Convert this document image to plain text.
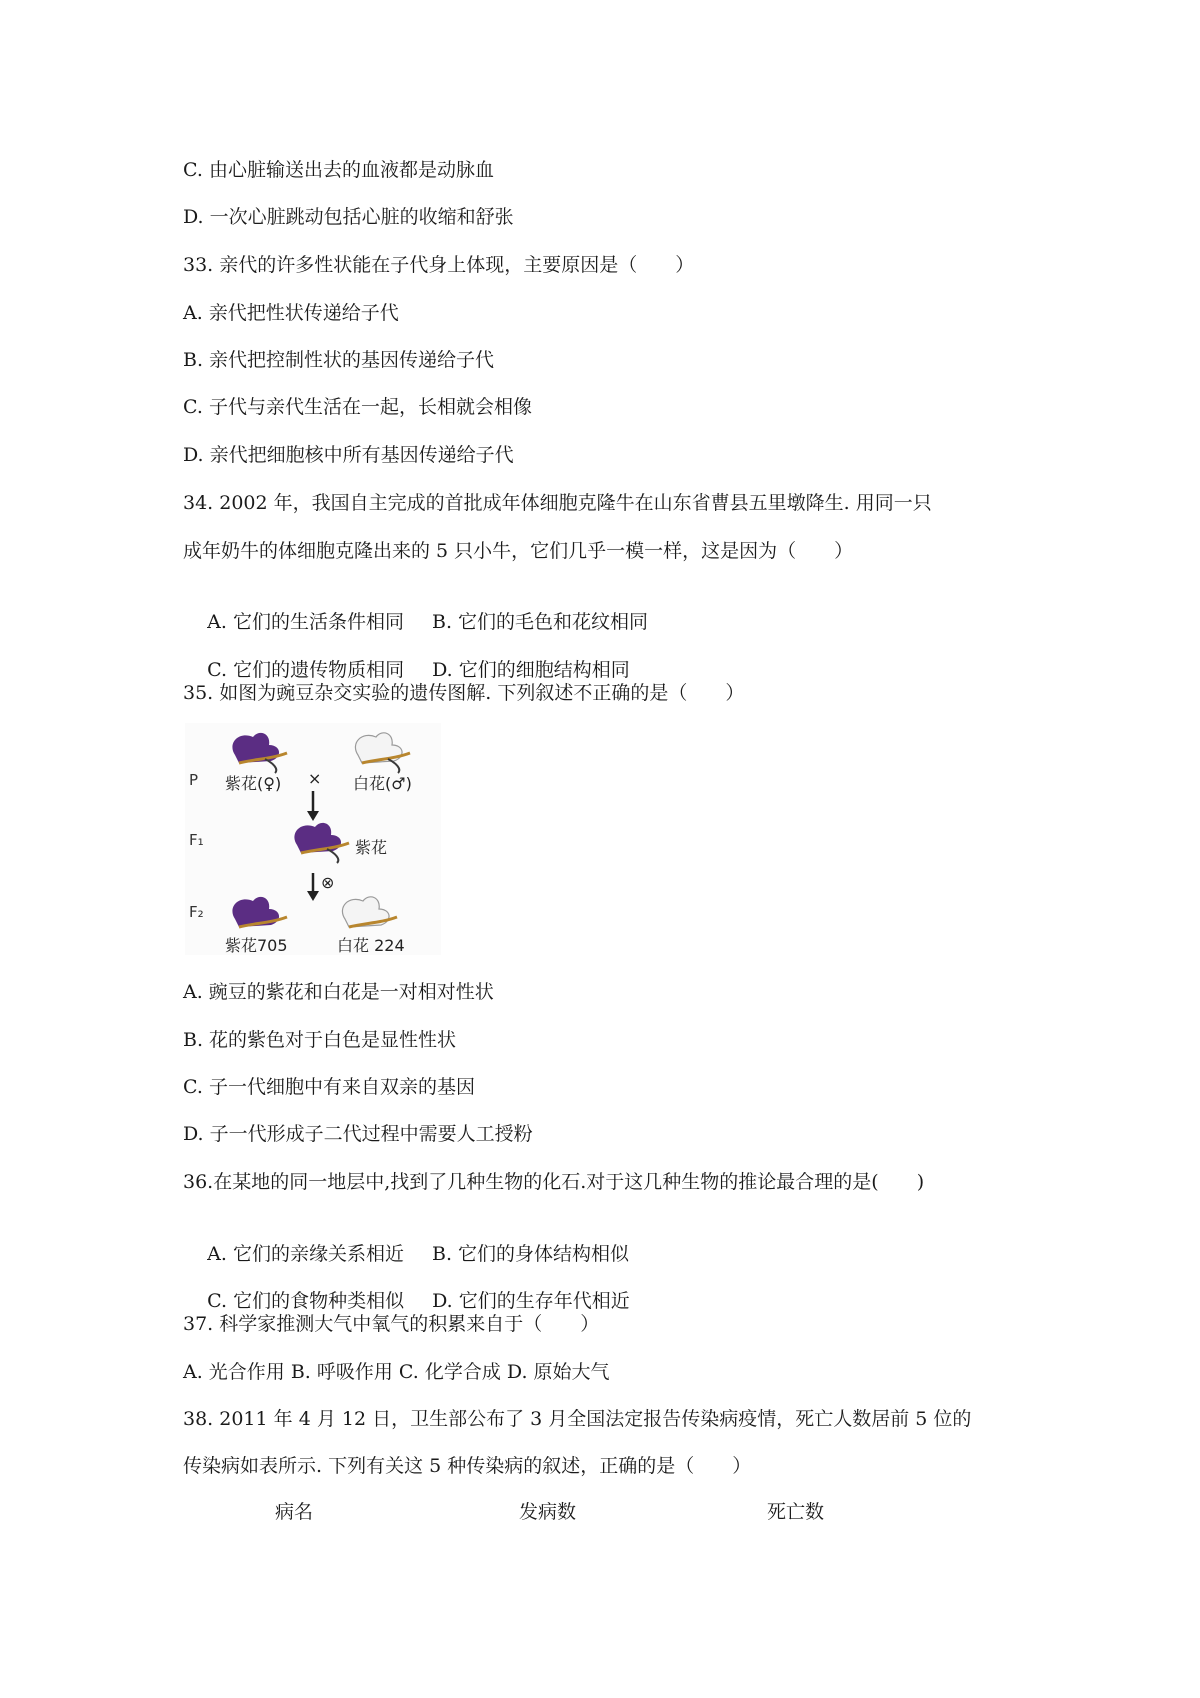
C. 由心脏输送出去的血液都是动脉血
D. 一次心脏跳动包括心脏的收缩和舒张
33. 亲代的许多性状能在子代身上体现，主要原因是（　　）
A. 亲代把性状传递给子代
B. 亲代把控制性状的基因传递给子代
C. 子代与亲代生活在一起，长相就会相像
D. 亲代把细胞核中所有基因传递给子代
34. 2002 年，我国自主完成的首批成年体细胞克隆牛在山东省曹县五里墩降生. 用同一只
成年奶牛的体细胞克隆出来的 5 只小牛，它们几乎一模一样，这是因为（　　）

A. 它们的生活条件相同 B. 它们的毛色和花纹相同

C. 它们的遗传物质相同 D. 它们的细胞结构相同

35. 如图为豌豆杂交实验的遗传图解. 下列叙述不正确的是（　　）
P 紫花(♀) × 白花(♂)
F₁	紫花
⊗
F₂
紫花705	白花 224
A. 豌豆的紫花和白花是一对相对性状
B. 花的紫色对于白色是显性性状
C. 子一代细胞中有来自双亲的基因
D. 子一代形成子二代过程中需要人工授粉
36.在某地的同一地层中,找到了几种生物的化石.对于这几种生物的推论最合理的是(　　)

A. 它们的亲缘关系相近 B. 它们的身体结构相似

C. 它们的食物种类相似 D. 它们的生存年代相近

37. 科学家推测大气中氧气的积累来自于（　　）
A. 光合作用 B. 呼吸作用 C. 化学合成 D. 原始大气
38. 2011 年 4 月 12 日，卫生部公布了 3 月全国法定报告传染病疫情，死亡人数居前 5 位的
传染病如表所示. 下列有关这 5 种传染病的叙述，正确的是（　　）
病名	发病数	死亡数
